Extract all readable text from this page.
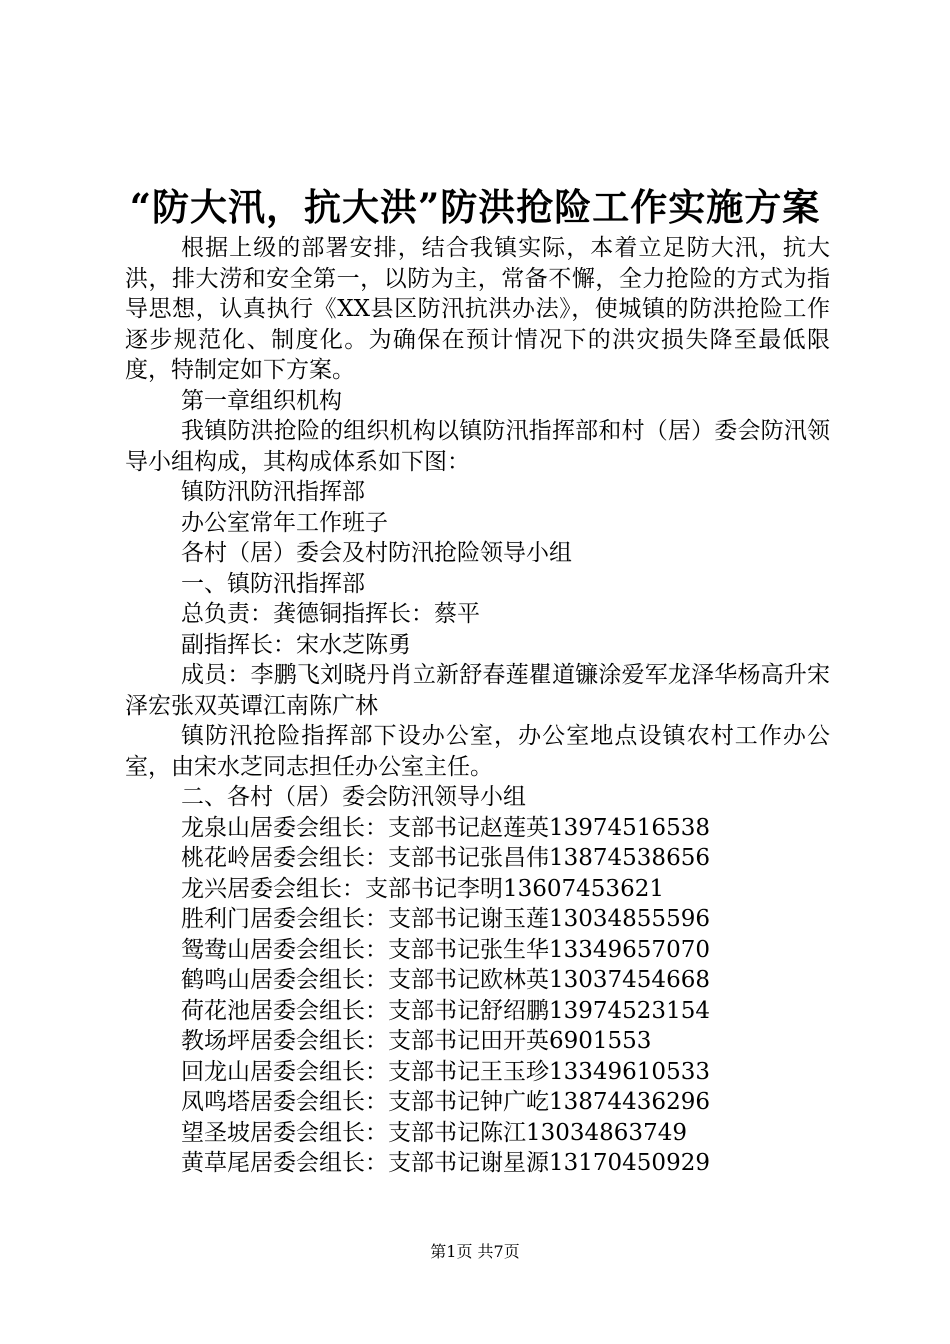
“防大汛，抗大洪”防洪抢险工作实施方案

根据上级的部署安排，结合我镇实际，本着立足防大汛，抗大洪，排大涝和安全第一，以防为主，常备不懈，全力抢险的方式为指导思想，认真执行《XX县区防汛抗洪办法》，使城镇的防洪抢险工作逐步规范化、制度化。为确保在预计情况下的洪灾损失降至最低限度，特制定如下方案。

第一章组织机构

我镇防洪抢险的组织机构以镇防汛指挥部和村（居）委会防汛领导小组构成，其构成体系如下图：

镇防汛防汛指挥部

办公室常年工作班子

各村（居）委会及村防汛抢险领导小组

一、镇防汛指挥部

总负责：龚德铜指挥长：蔡平

副指挥长：宋水芝陈勇

成员：李鹏飞刘晓丹肖立新舒春莲瞿道镰涂爱军龙泽华杨高升宋泽宏张双英谭江南陈广林

镇防汛抢险指挥部下设办公室，办公室地点设镇农村工作办公室，由宋水芝同志担任办公室主任。

二、各村（居）委会防汛领导小组

龙泉山居委会组长：支部书记赵莲英13974516538

桃花岭居委会组长：支部书记张昌伟13874538656

龙兴居委会组长：支部书记李明13607453621

胜利门居委会组长：支部书记谢玉莲13034855596

鸳鸯山居委会组长：支部书记张生华13349657070

鹤鸣山居委会组长：支部书记欧林英13037454668

荷花池居委会组长：支部书记舒绍鹏13974523154

教场坪居委会组长：支部书记田开英6901553

回龙山居委会组长：支部书记王玉珍13349610533

凤鸣塔居委会组长：支部书记钟广屹13874436296

望圣坡居委会组长：支部书记陈江13034863749

黄草尾居委会组长：支部书记谢星源13170450929

第1页 共7页
